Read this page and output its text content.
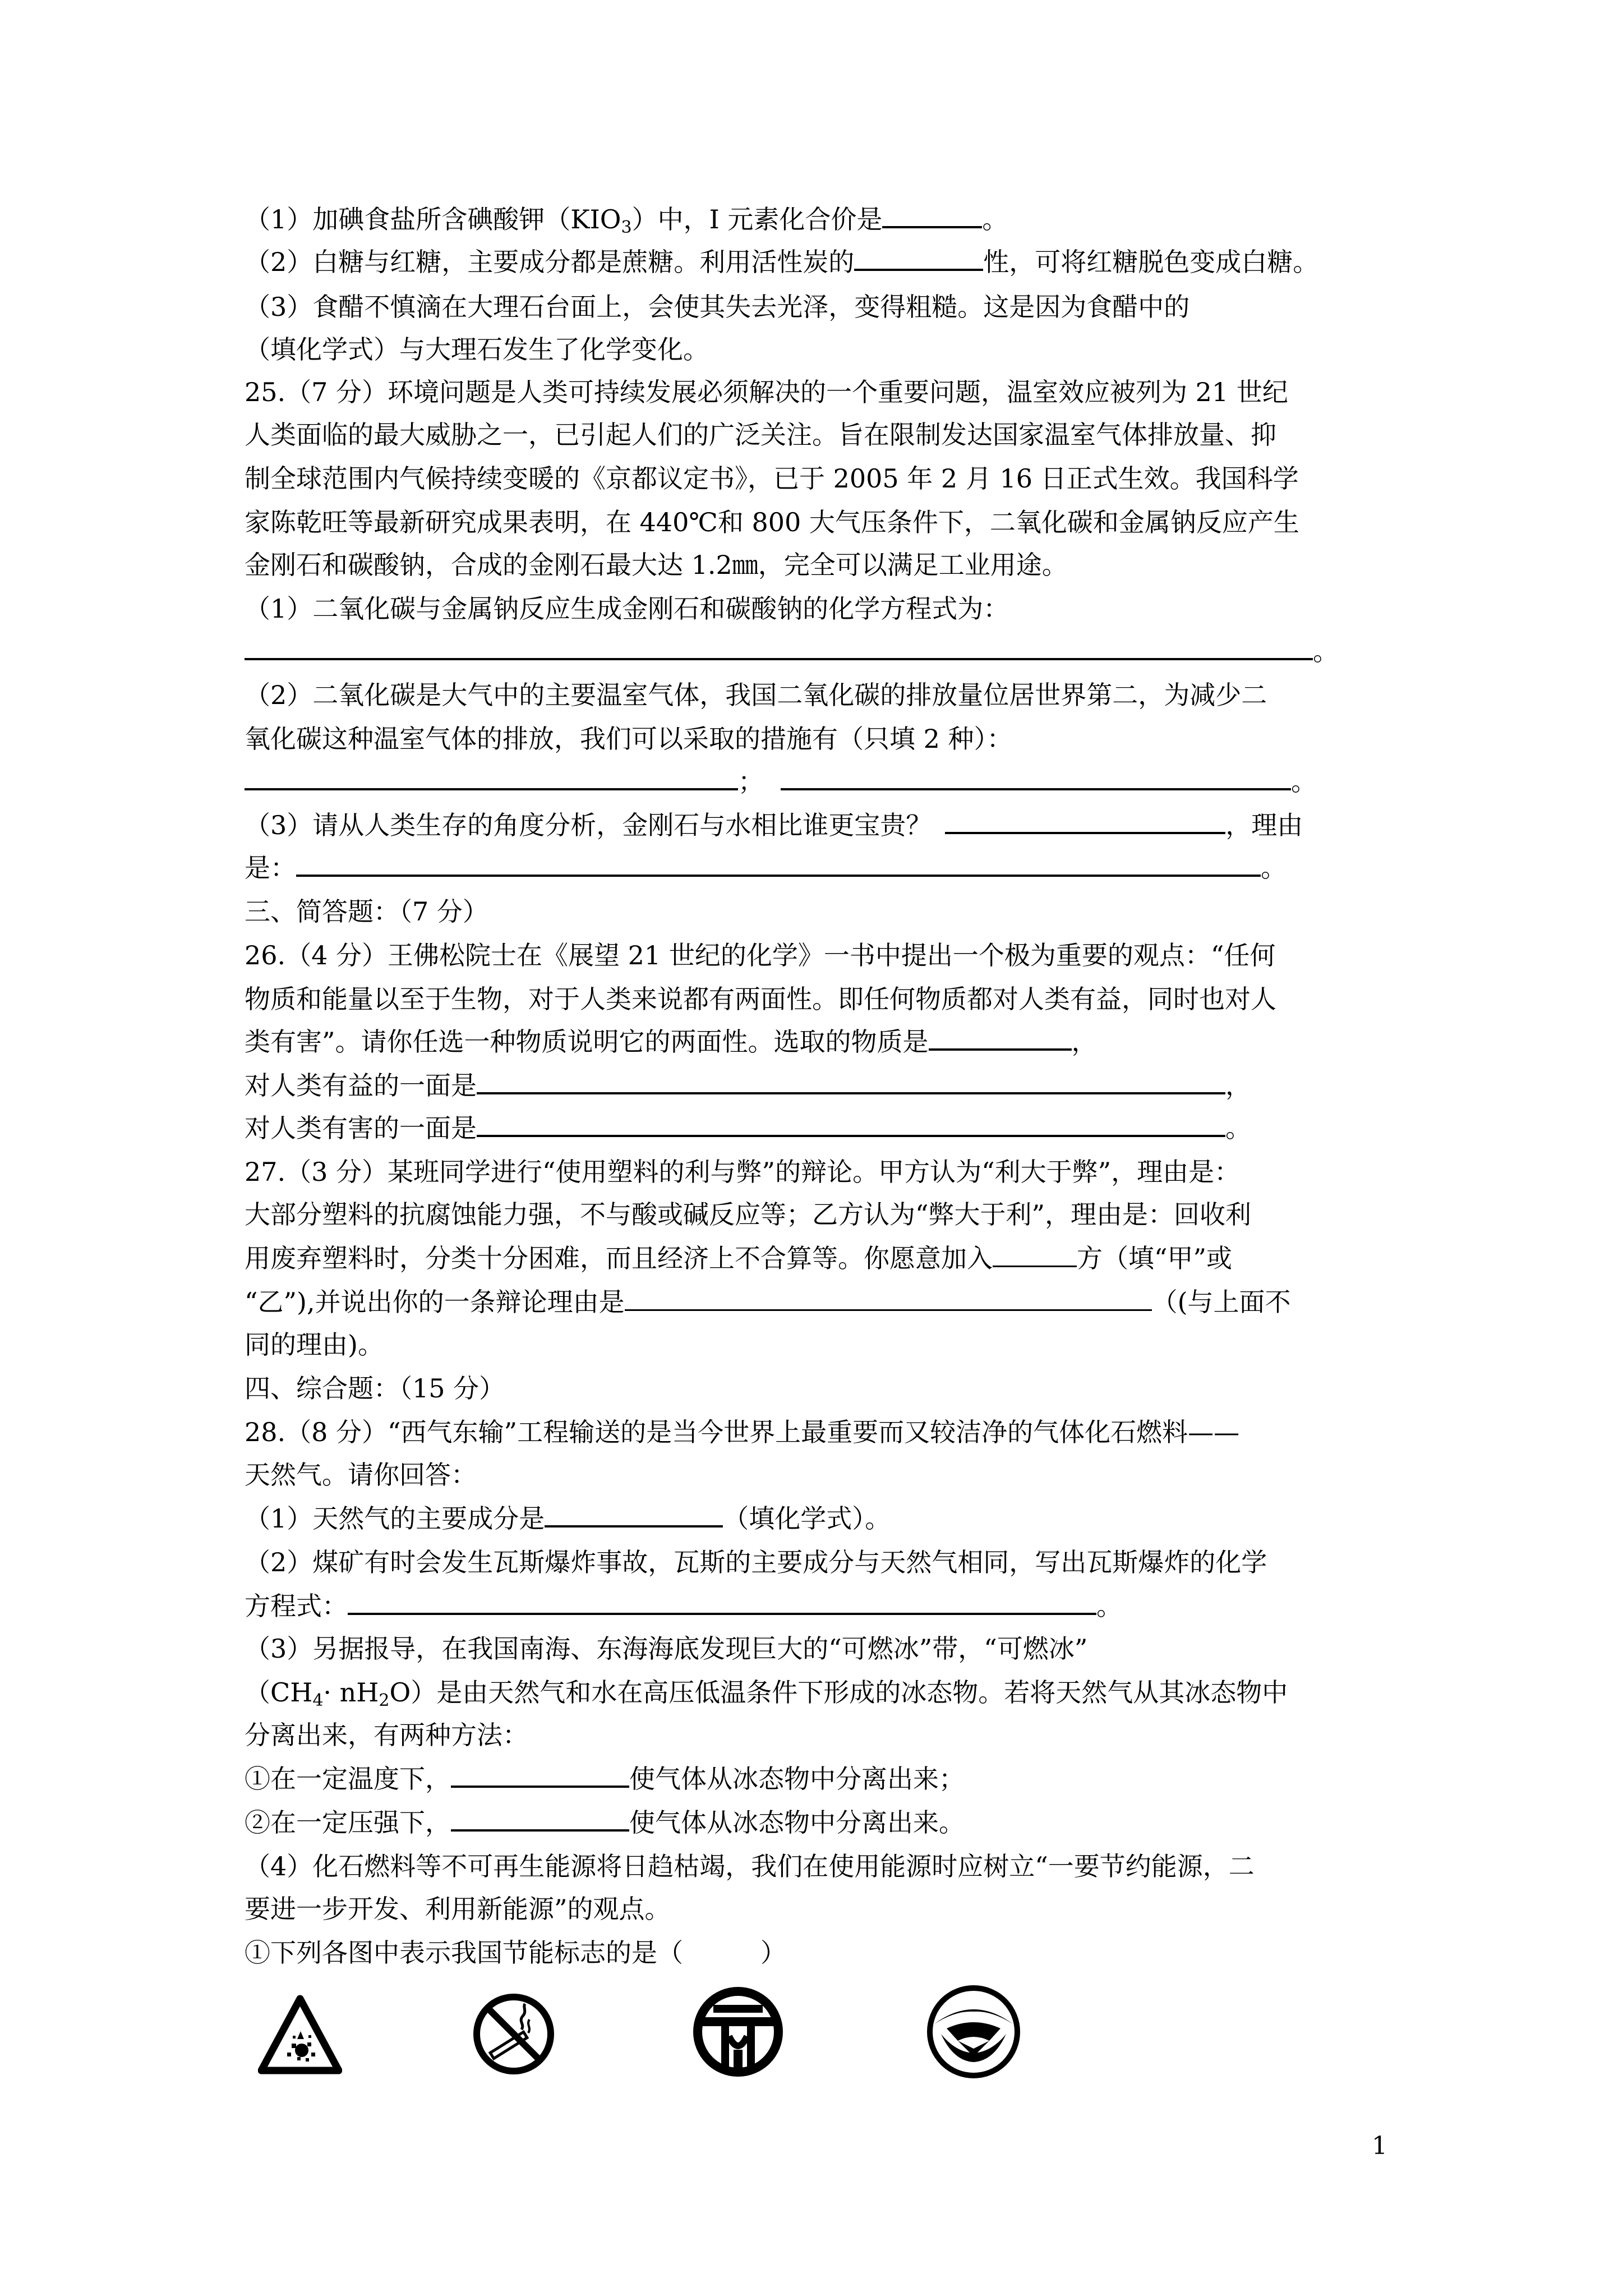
（1）加碘食盐所含碘酸钾$(KIO_3)$中，I 元素化合价是	。
（2）白糖与红糖，主要成分都是蔗糖。利用活性炭的	性，可将红糖脱色变成白糖。
（3）食醋不慎滴在大理石台面上，会使其失去光泽，变得粗糙。这是因为食醋中的
（填化学式）与大理石发生了化学变化。
25.（7 分）环境问题是人类可持续发展必须解决的一个重要问题，温室效应被列为 21 世纪
人类面临的最大威胁之一，已引起人们的广泛关注。旨在限制发达国家温室气体排放量、抑
制全球范围内气候持续变暖的《京都议定书》，已于 2005 年 2 月 16 日正式生效。我国科学
家陈乾旺等最新研究成果表明，在 440℃和 800 大气压条件下，二氧化碳和金属钠反应产生
金刚石和碳酸钠，合成的金刚石最大达 1.2㎜，完全可以满足工业用途。
（1）二氧化碳与金属钠反应生成金刚石和碳酸钠的化学方程式为：
。
（2）二氧化碳是大气中的主要温室气体，我国二氧化碳的排放量位居世界第二，为减少二
氧化碳这种温室气体的排放，我们可以采取的措施有（只填 2 种）：
；	。
（3）请从人类生存的角度分析，金刚石与水相比谁更宝贵？	，理由
是：	。
三、简答题：（7 分）
26.（4 分）王佛松院士在《展望 21 世纪的化学》一书中提出一个极为重要的观点：“任何
物质和能量以至于生物，对于人类来说都有两面性。即任何物质都对人类有益，同时也对人
类有害”。请你任选一种物质说明它的两面性。选取的物质是	，
对人类有益的一面是	，
对人类有害的一面是	。
27.（3 分）某班同学进行“使用塑料的利与弊”的辩论。甲方认为“利大于弊”，理由是：
大部分塑料的抗腐蚀能力强，不与酸或碱反应等；乙方认为“弊大于利”，理由是：回收利
用废弃塑料时，分类十分困难，而且经济上不合算等。你愿意加入	方（填“甲”或
“乙”),并说出你的一条辩论理由是	（(与上面不
同的理由)。
四、综合题：（15 分）
28.（8 分）“西气东输”工程输送的是当今世界上最重要而又较洁净的气体化石燃料——
天然气。请你回答：
（1）天然气的主要成分是	（填化学式）。
（2）煤矿有时会发生瓦斯爆炸事故，瓦斯的主要成分与天然气相同，写出瓦斯爆炸的化学
方程式：	。
（3）另据报导，在我国南海、东海海底发现巨大的“可燃冰”带，“可燃冰”
$(CH_4\cdot nH_2O)$是由天然气和水在高压低温条件下形成的冰态物。若将天然气从其冰态物中
分离出来，有两种方法：
①在一定温度下，	使气体从冰态物中分离出来；
②在一定压强下，	使气体从冰态物中分离出来。
（4）化石燃料等不可再生能源将日趋枯竭，我们在使用能源时应树立“一要节约能源，二
要进一步开发、利用新能源”的观点。
①下列各图中表示我国节能标志的是（　　　）
1
